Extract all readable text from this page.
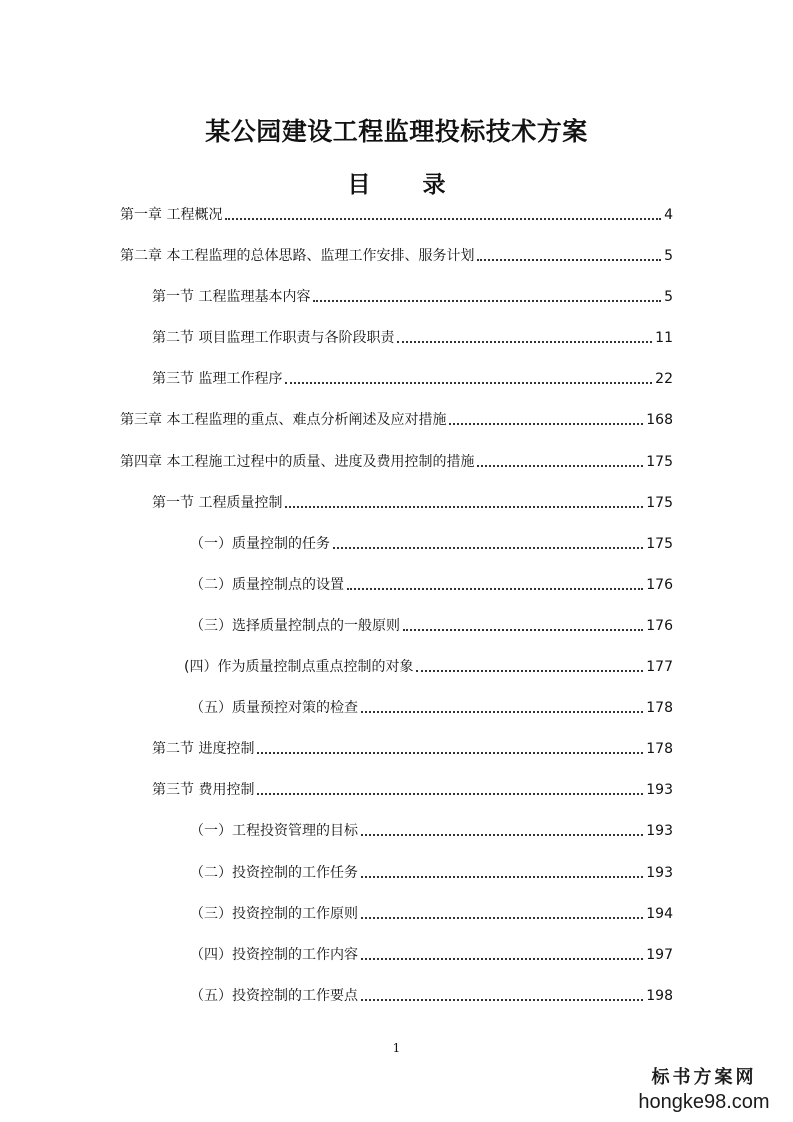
某公园建设工程监理投标技术方案
目 录
第一章 工程概况	4
第二章 本工程监理的总体思路、监理工作安排、服务计划	5
第一节 工程监理基本内容	5
第二节 项目监理工作职责与各阶段职责	11
第三节 监理工作程序	22
第三章 本工程监理的重点、难点分析阐述及应对措施	168
第四章 本工程施工过程中的质量、进度及费用控制的措施	175
第一节 工程质量控制	175
（一）质量控制的任务	175
（二）质量控制点的设置	176
（三）选择质量控制点的一般原则	176
(四）作为质量控制点重点控制的对象	177
（五）质量预控对策的检查	178
第二节 进度控制	178
第三节 费用控制	193
（一）工程投资管理的目标	193
（二）投资控制的工作任务	193
（三）投资控制的工作原则	194
（四）投资控制的工作内容	197
（五）投资控制的工作要点	198
1
标书方案网
hongke98.com
